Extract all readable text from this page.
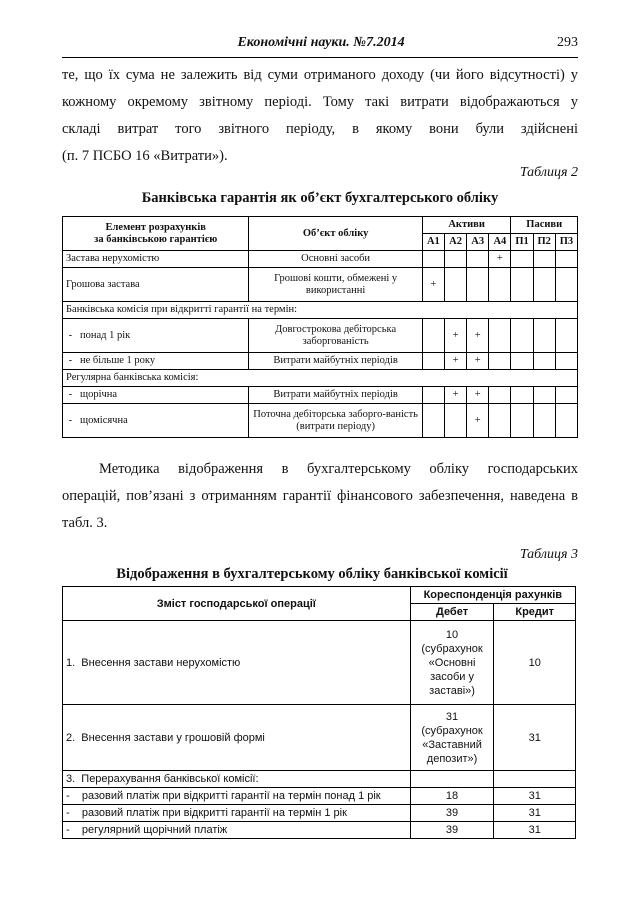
Економічні науки. №7.2014	293
те, що їх сума не залежить від суми отриманого доходу (чи його відсутності) у
кожному окремому звітному періоді. Тому такі витрати відображаються у
складі витрат того звітного періоду, в якому вони були здійснені
(п. 7 ПСБО 16 «Витрати»).
Таблиця 2
Банківська гарантія як об’єкт бухгалтерського обліку
Елемент розрахунків
за банківською гарантією	Об’єкт обліку	Активи				Пасиви		
		А1	А2	А3	А4	П1	П2	П3
Застава нерухомістю	Основні засоби				+			
Грошова застава	Грошові кошти, обмежені у використанні	+						
Банківська комісія при відкритті гарантії на термін:								
-   понад 1 рік	Довгострокова дебіторська заборгованість		+	+				
-   не більше 1 року	Витрати майбутніх періодів		+	+				
Регулярна банківська комісія:								
-   щорічна	Витрати майбутніх періодів		+	+				
-   щомісячна	Поточна дебіторська заборго-ваність (витрати періоду)			+				
Методика відображення в бухгалтерському обліку господарських
операцій, пов’язані з отриманням гарантії фінансового забезпечення, наведена в
табл. 3.
Таблиця 3
Відображення в бухгалтерському обліку банківської комісії
Зміст господарської операції	Кореспонденція рахунків	
	Дебет	Кредит
1.  Внесення застави нерухомістю	10 (субрахунок «Основні засоби у заставі»)	10
2.  Внесення застави у грошовій формі	31 (субрахунок «Заставний депозит»)	31
3.  Перерахування банківської комісії:		
-    разовий платіж при відкритті гарантії на термін понад 1 рік	18	31
-    разовий платіж при відкритті гарантії на термін 1 рік	39	31
-    регулярний щорічний платіж	39	31
